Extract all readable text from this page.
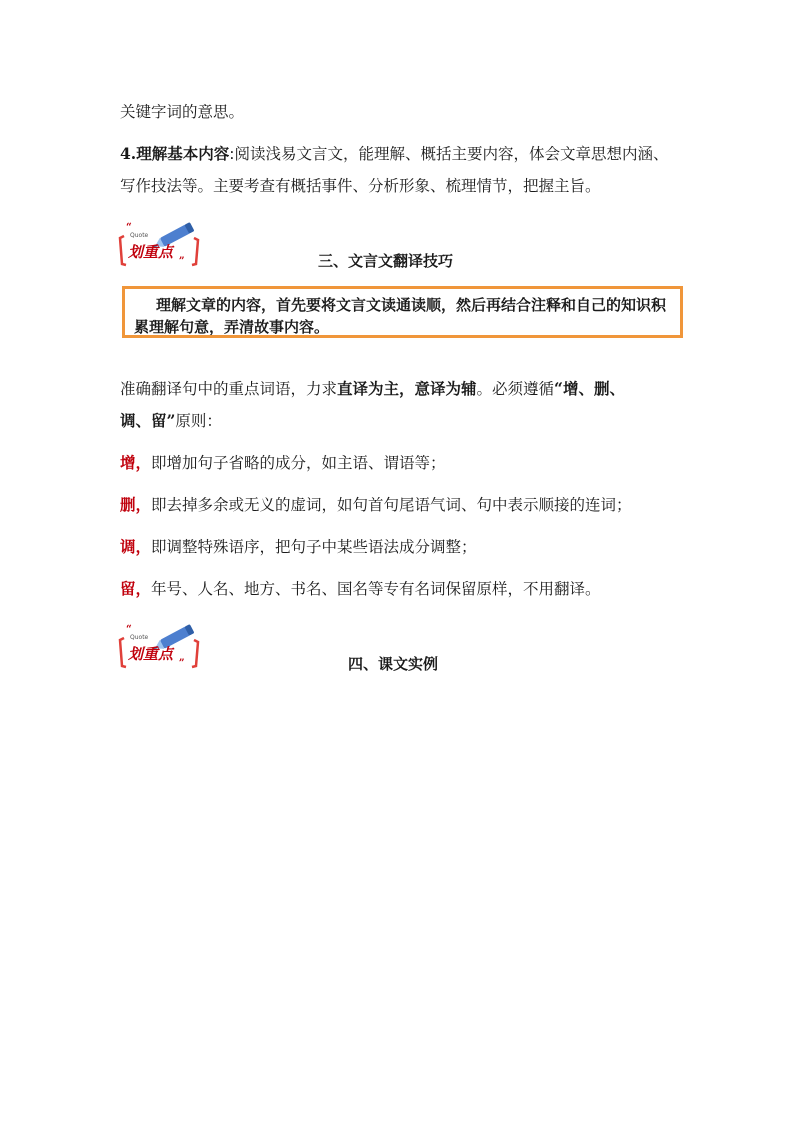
关键字词的意思。
4.理解基本内容:阅读浅易文言文，能理解、概括主要内容，体会文章思想内涵、
写作技法等。主要考查有概括事件、分析形象、梳理情节，把握主旨。
“
Quote
划重点 „	三、文言文翻译技巧
理解文章的内容，首先要将文言文读通读顺，然后再结合注释和自己的知识积累理解句意，弄清故事内容。
准确翻译句中的重点词语，力求直译为主，意译为辅。必须遵循“增、删、
调、留”原则：
增，即增加句子省略的成分，如主语、谓语等；
删，即去掉多余或无义的虚词，如句首句尾语气词、句中表示顺接的连词；
调，即调整特殊语序，把句子中某些语法成分调整；
留，年号、人名、地方、书名、国名等专有名词保留原样，不用翻译。
“
Quote
划重点 „	四、课文实例
